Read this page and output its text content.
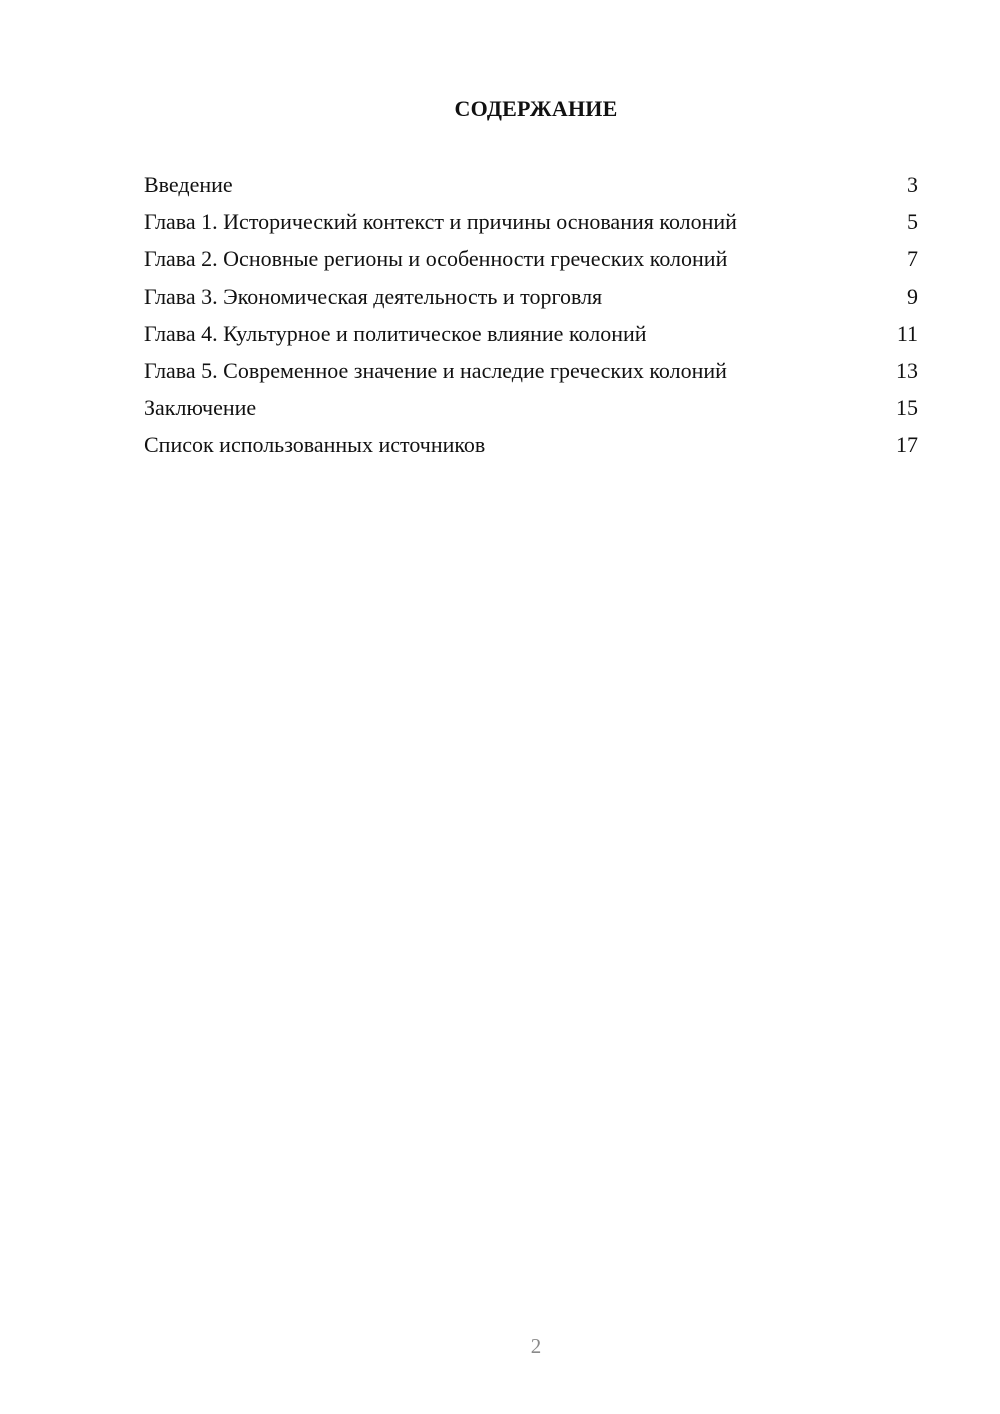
СОДЕРЖАНИЕ
Введение	3
Глава 1. Исторический контекст и причины основания колоний	5
Глава 2. Основные регионы и особенности греческих колоний	7
Глава 3. Экономическая деятельность и торговля	9
Глава 4. Культурное и политическое влияние колоний	11
Глава 5. Современное значение и наследие греческих колоний	13
Заключение	15
Список использованных источников	17
2
